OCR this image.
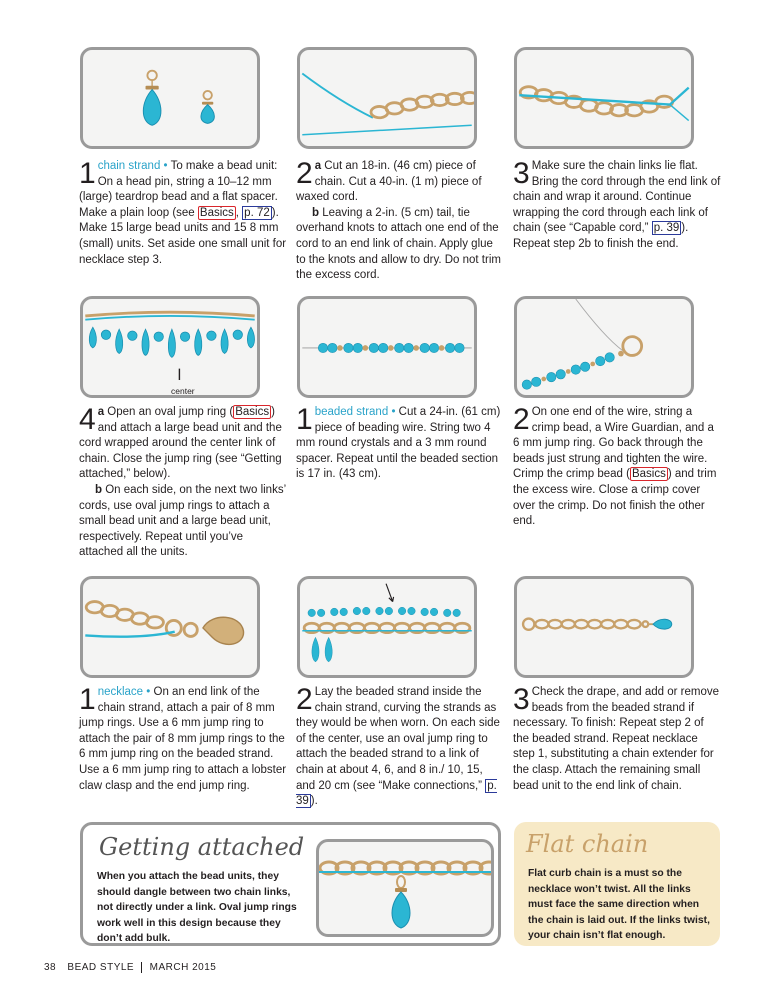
center

1 chain strand • To make a bead unit: On a head pin, string a 10–12 mm (large) teardrop bead and a flat spacer. Make a plain loop (see Basics , p. 72 ). Make 15 large bead units and 15 8 mm (small) units. Set aside one small unit for necklace step 3.

2 a Cut an 18-in. (46 cm) piece of chain. Cut a 40-in. (1 m) piece of waxed cord.

b Leaving a 2-in. (5 cm) tail, tie overhand knots to attach one end of the cord to an end link of chain. Apply glue to the knots and allow to dry. Do not trim the excess cord.

3 Make sure the chain links lie flat. Bring the cord through the end link of chain and wrap it around. Continue wrapping the cord through each link of chain (see “Capable cord,” p. 39 ). Repeat step 2b to finish the end.

4 a Open an oval jump ring ( Basics ) and attach a large bead unit and the cord wrapped around the center link of chain. Close the jump ring (see “Getting attached,” below).

b On each side, on the next two links’ cords, use oval jump rings to attach a small bead unit and a large bead unit, respectively. Repeat until you’ve attached all the units.

1 beaded strand • Cut a 24-in. (61 cm) piece of beading wire. String two 4 mm round crystals and a 3 mm round spacer. Repeat until the beaded section is 17 in. (43 cm).

2 On one end of the wire, string a crimp bead, a Wire Guardian, and a 6 mm jump ring. Go back through the beads just strung and tighten the wire. Crimp the crimp bead ( Basics ) and trim the excess wire. Close a crimp cover over the crimp. Do not finish the other end.

1 necklace • On an end link of the chain strand, attach a pair of 8 mm jump rings. Use a 6 mm jump ring to attach the pair of 8 mm jump rings to the 6 mm jump ring on the beaded strand. Use a 6 mm jump ring to attach a lobster claw clasp and the end jump ring.

2 Lay the beaded strand inside the chain strand, curving the strands as they would be when worn. On each side of the center, use an oval jump ring to attach the beaded strand to a link of chain at about 4, 6, and 8 in./ 10, 15, and 20 cm (see “Make connections,” p. 39 ).

3 Check the drape, and add or remove beads from the beaded strand if necessary. To finish: Repeat step 2 of the beaded strand. Repeat necklace step 1, substituting a chain extender for the clasp. Attach the remaining small bead unit to the end link of chain.

Getting attached
When you attach the bead units, they should dangle between two chain links, not directly under a link. Oval jump rings work well in this design because they don’t add bulk.
Flat chain
Flat curb chain is a must so the necklace won’t twist. All the links must face the same direction when the chain is laid out. If the links twist, your chain isn’t flat enough.
38 BEAD STYLE MARCH 2015
